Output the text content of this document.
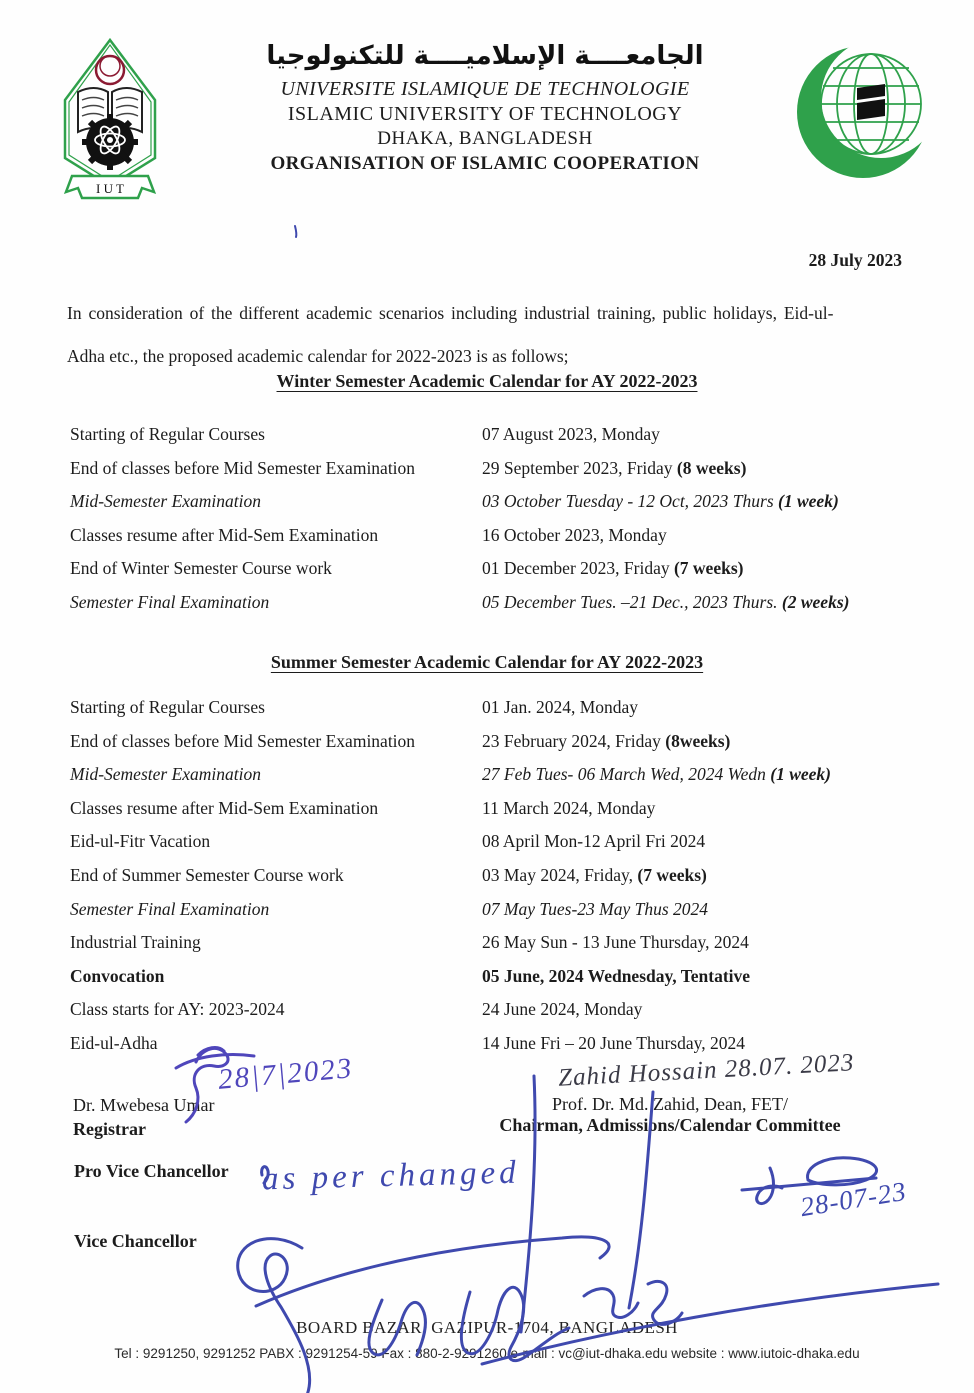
I U T
الجامعــــة الإسلاميــــة للتكنولوجيا
UNIVERSITE ISLAMIQUE DE TECHNOLOGIE
ISLAMIC UNIVERSITY OF TECHNOLOGY
DHAKA, BANGLADESH
ORGANISATION OF ISLAMIC COOPERATION
28 July 2023
In consideration of the different academic scenarios including industrial training, public holidays, Eid-ul-
Adha etc., the proposed academic calendar for 2022-2023 is as follows;
Winter Semester Academic Calendar for AY 2022-2023
Starting of Regular Courses	07 August 2023, Monday
End of classes before Mid Semester Examination	29 September 2023, Friday (8 weeks)
Mid-Semester Examination	03 October Tuesday - 12 Oct, 2023 Thurs (1 week)
Classes resume after Mid-Sem Examination	16 October 2023, Monday
End of Winter Semester Course work	01 December 2023, Friday (7 weeks)
Semester Final Examination	05 December Tues. –21 Dec., 2023 Thurs. (2 weeks)
Summer Semester Academic Calendar for AY 2022-2023
Starting of Regular Courses	01 Jan. 2024, Monday
End of classes before Mid Semester Examination	23 February 2024, Friday (8weeks)
Mid-Semester Examination	27 Feb Tues- 06 March Wed, 2024 Wedn (1 week)
Classes resume after Mid-Sem Examination	11 March 2024, Monday
Eid-ul-Fitr Vacation	08 April Mon-12 April Fri 2024
End of Summer Semester Course work	03 May 2024, Friday, (7 weeks)
Semester Final Examination	07 May Tues-23 May Thus 2024
Industrial Training	26 May Sun - 13 June Thursday, 2024
Convocation	05 June, 2024 Wednesday, Tentative
Class starts for AY: 2023-2024	24 June 2024, Monday
Eid-ul-Adha	14 June Fri – 20 June Thursday, 2024
28|7|2023
Dr. Mwebesa Umar
Registrar
Zahid Hossain 28.07. 2023
Prof. Dr. Md. Zahid, Dean, FET/
Chairman, Admissions/Calendar Committee
Pro Vice Chancellor as per changed	28-07-23
Vice Chancellor
BOARD BAZAR, GAZIPUR-1704, BANGLADESH
Tel : 9291250, 9291252 PABX : 9291254-59 Fax : 880-2-9291260 e-mail : vc@iut-dhaka.edu website : www.iutoic-dhaka.edu
